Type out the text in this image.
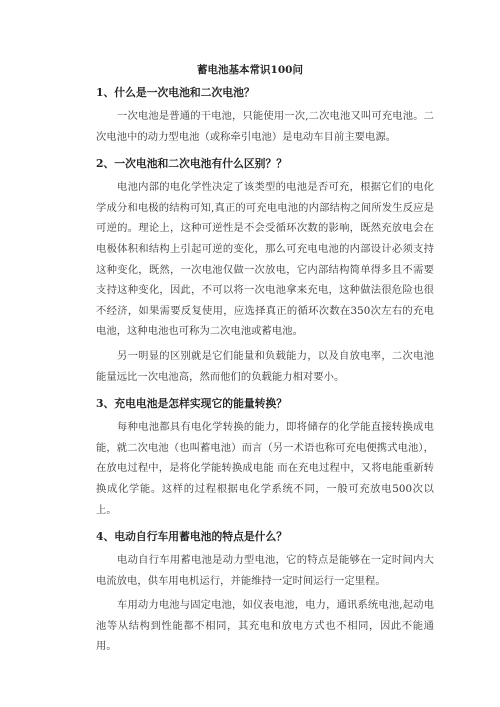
蓄电池基本常识100问
1、什么是一次电池和二次电池？

一次电池是普通的干电池，只能使用一次,二次电池又叫可充电池。二次电池中的动力型电池（或称牵引电池）是电动车目前主要电源。

2、一次电池和二次电池有什么区别？？

电池内部的电化学性决定了该类型的电池是否可充，根据它们的电化学成分和电极的结构可知,真正的可充电电池的内部结构之间所发生反应是可逆的。理论上，这种可逆性是不会受循环次数的影响，既然充放电会在电极体积和结构上引起可逆的变化，那么可充电电池的内部设计必须支持这种变化，既然，一次电池仅做一次放电，它内部结构简单得多且不需要支持这种变化，因此，不可以将一次电池拿来充电，这种做法很危险也很不经济，如果需要反复使用，应选择真正的循环次数在350次左右的充电电池，这种电池也可称为二次电池或蓄电池。

另一明显的区别就是它们能量和负载能力，以及自放电率，二次电池能量远比一次电池高，然而他们的负载能力相对要小。

3、充电电池是怎样实现它的能量转换？

每种电池都具有电化学转换的能力，即将储存的化学能直接转换成电能，就二次电池（也叫蓄电池）而言（另一术语也称可充电便携式电池），在放电过程中，是将化学能转换成电能 而在充电过程中，又将电能重新转换成化学能。这样的过程根据电化学系统不同，一般可充放电500次以上。

4、电动自行车用蓄电池的特点是什么？

电动自行车用蓄电池是动力型电池，它的特点是能够在一定时间内大电流放电，供车用电机运行，并能维持一定时间运行一定里程。

车用动力电池与固定电池，如仪表电池，电力，通讯系统电池,起动电池等从结构到性能都不相同，其充电和放电方式也不相同，因此不能通用。
